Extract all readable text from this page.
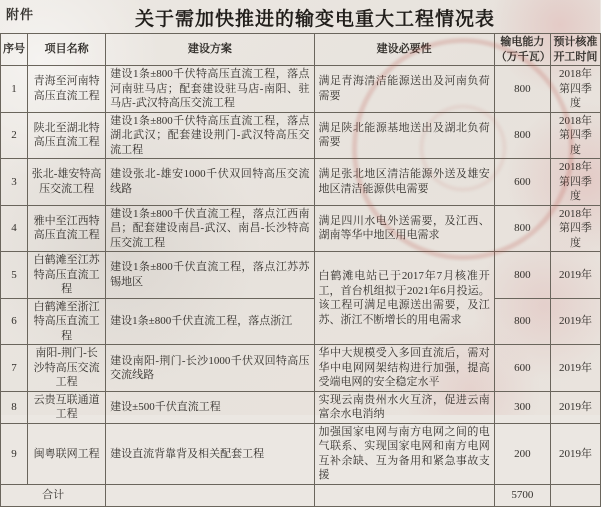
附件	关于需加快推进的输变电重大工程情况表
序号	项目名称	建设方案	建设必要性	输电能力（万千瓦）	预计核准开工时间
1	青海至河南特高压直流工程	建设1条±800千伏特高压直流工程，落点河南驻马店；配套建设驻马店-南阳、驻马店-武汉特高压交流工程	满足青海清洁能源送出及河南负荷需要	800	2018年第四季度
2	陕北至湖北特高压直流工程	建设1条±800千伏特高压直流工程，落点湖北武汉；配套建设荆门-武汉特高压交流工程	满足陕北能源基地送出及湖北负荷需要	800	2018年第四季度
3	张北-雄安特高压交流工程	建设张北-雄安1000千伏双回特高压交流线路	满足张北地区清洁能源外送及雄安地区清洁能源供电需要	600	2018年第四季度
4	雅中至江西特高压直流工程	建设1条±800千伏直流工程，落点江西南昌；配套建设南昌-武汉、南昌-长沙特高压交流工程	满足四川水电外送需要，及江西、湖南等华中地区用电需求	800	2018年第四季度
5	白鹤滩至江苏特高压直流工程	建设1条±800千伏直流工程，落点江苏苏锡地区	白鹤滩电站已于2017年7月核准开工，首台机组拟于2021年6月投运。该工程可满足电源送出需要，及江苏、浙江不断增长的用电需求	800	2019年
6	白鹤滩至浙江特高压直流工程	建设1条±800千伏直流工程，落点浙江		800	2019年
7	南阳-荆门-长沙特高压交流工程	建设南阳-荆门-长沙1000千伏双回特高压交流线路	华中大规模受入多回直流后，需对华中电网网架结构进行加强，提高受端电网的安全稳定水平	600	2019年
8	云贵互联通道工程	建设±500千伏直流工程	实现云南贵州水火互济，促进云南富余水电消纳	300	2019年
9	闽粤联网工程	建设直流背靠背及相关配套工程	加强国家电网与南方电网之间的电气联系、实现国家电网和南方电网互补余缺、互为备用和紧急事故支援	200	2019年
合计				5700	
